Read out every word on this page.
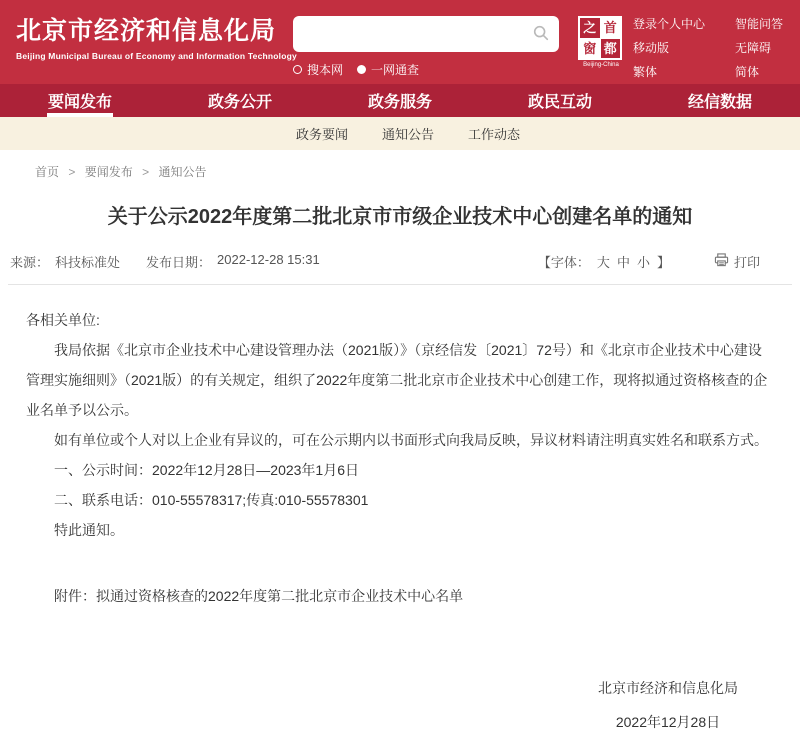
北京市经济和信息化局
Beijing Municipal Bureau of Economy and Information Technology
搜本网 一网通查
之 首
窗 都
Beijing-China
登录个人中心
移动版
繁体
智能问答
无障碍
简体
要闻发布	政务公开	政务服务	政民互动	经信数据
政务要闻	通知公告	工作动态
首页 > 要闻发布 > 通知公告
关于公示2022年度第二批北京市市级企业技术中心创建名单的通知
来源： 科技标准处 发布日期： 2022-12-28 15:31	【字体： 大 中 小 】	打印

各相关单位:

我局依据《北京市企业技术中心建设管理办法（2021版）》（京经信发〔2021〕72号）和《北京市企业技术中心建设管理实施细则》（2021版）的有关规定，组织了2022年度第二批北京市企业技术中心创建工作，现将拟通过资格核查的企业名单予以公示。

如有单位或个人对以上企业有异议的，可在公示期内以书面形式向我局反映，异议材料请注明真实姓名和联系方式。

一、公示时间：2022年12月28日—2023年1月6日

二、联系电话：010-55578317;传真:010-55578301

特此通知。

附件：拟通过资格核查的2022年度第二批北京市企业技术中心名单

北京市经济和信息化局
2022年12月28日
